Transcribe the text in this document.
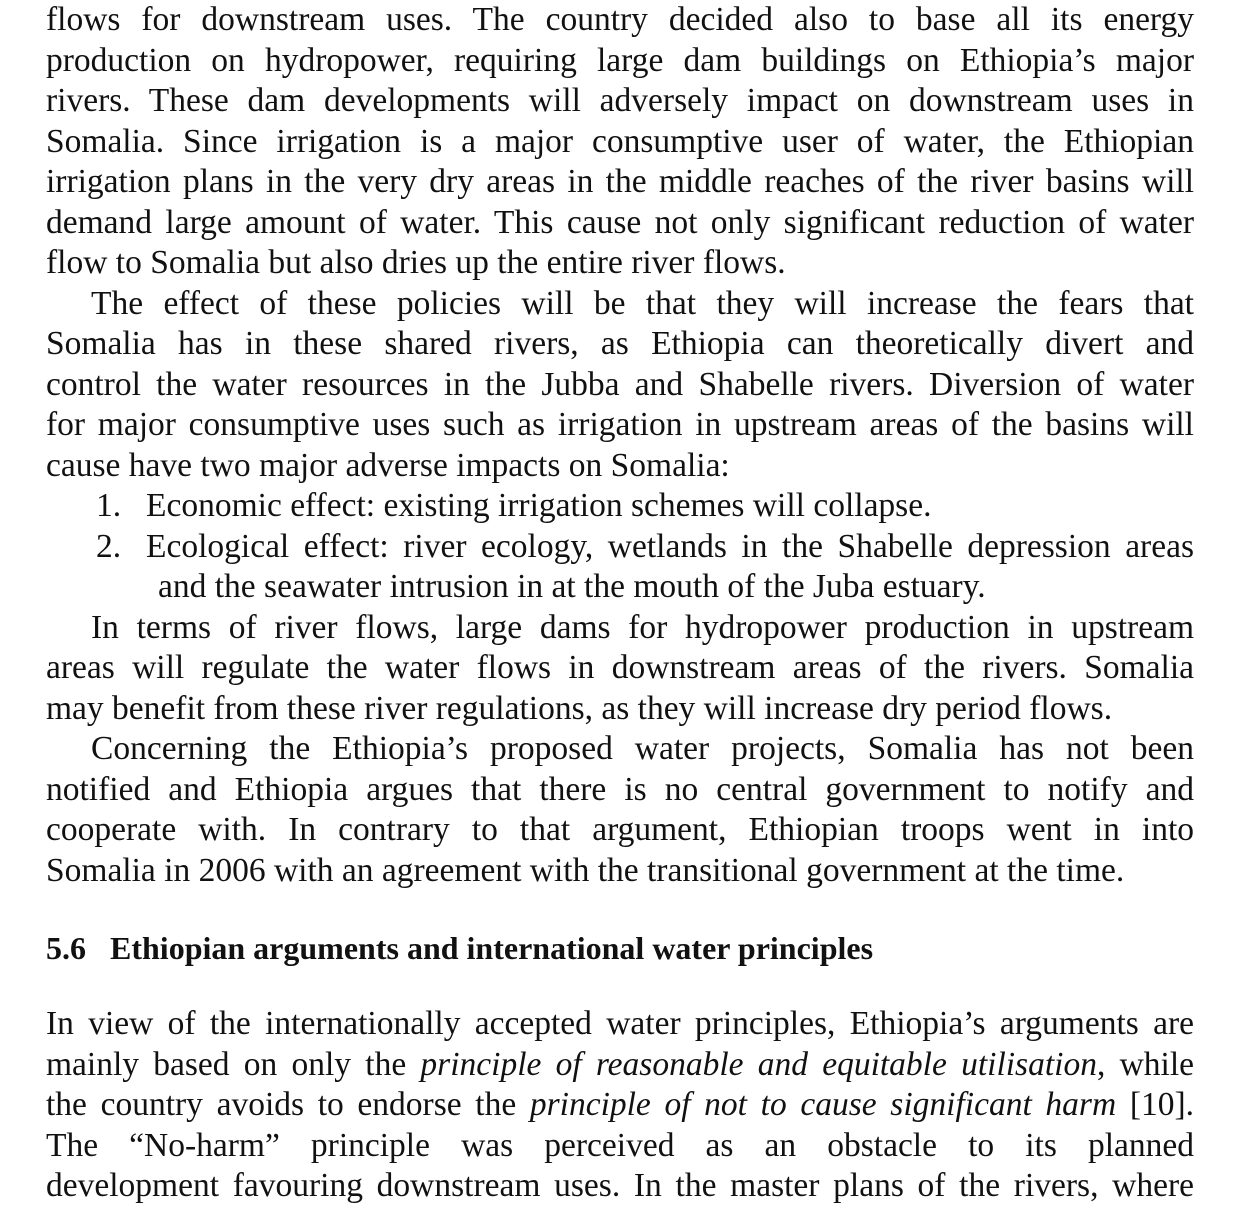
flows for downstream uses. The country decided also to base all its energy
production on hydropower, requiring large dam buildings on Ethiopia’s major
rivers. These dam developments will adversely impact on downstream uses in
Somalia. Since irrigation is a major consumptive user of water, the Ethiopian
irrigation plans in the very dry areas in the middle reaches of the river basins will
demand large amount of water. This cause not only significant reduction of water
flow to Somalia but also dries up the entire river flows.

The effect of these policies will be that they will increase the fears that
Somalia has in these shared rivers, as Ethiopia can theoretically divert and
control the water resources in the Jubba and Shabelle rivers. Diversion of water
for major consumptive uses such as irrigation in upstream areas of the basins will
cause have two major adverse impacts on Somalia:

1. Economic effect: existing irrigation schemes will collapse.
2. Ecological effect: river ecology, wetlands in the Shabelle depression areas
and the seawater intrusion in at the mouth of the Juba estuary.

In terms of river flows, large dams for hydropower production in upstream
areas will regulate the water flows in downstream areas of the rivers. Somalia
may benefit from these river regulations, as they will increase dry period flows.

Concerning the Ethiopia’s proposed water projects, Somalia has not been
notified and Ethiopia argues that there is no central government to notify and
cooperate with. In contrary to that argument, Ethiopian troops went in into
Somalia in 2006 with an agreement with the transitional government at the time.

5.6 Ethiopian arguments and international water principles

In view of the internationally accepted water principles, Ethiopia’s arguments are
mainly based on only the principle of reasonable and equitable utilisation, while
the country avoids to endorse the principle of not to cause significant harm [10].
The “No-harm” principle was perceived as an obstacle to its planned
development favouring downstream uses. In the master plans of the rivers, where
